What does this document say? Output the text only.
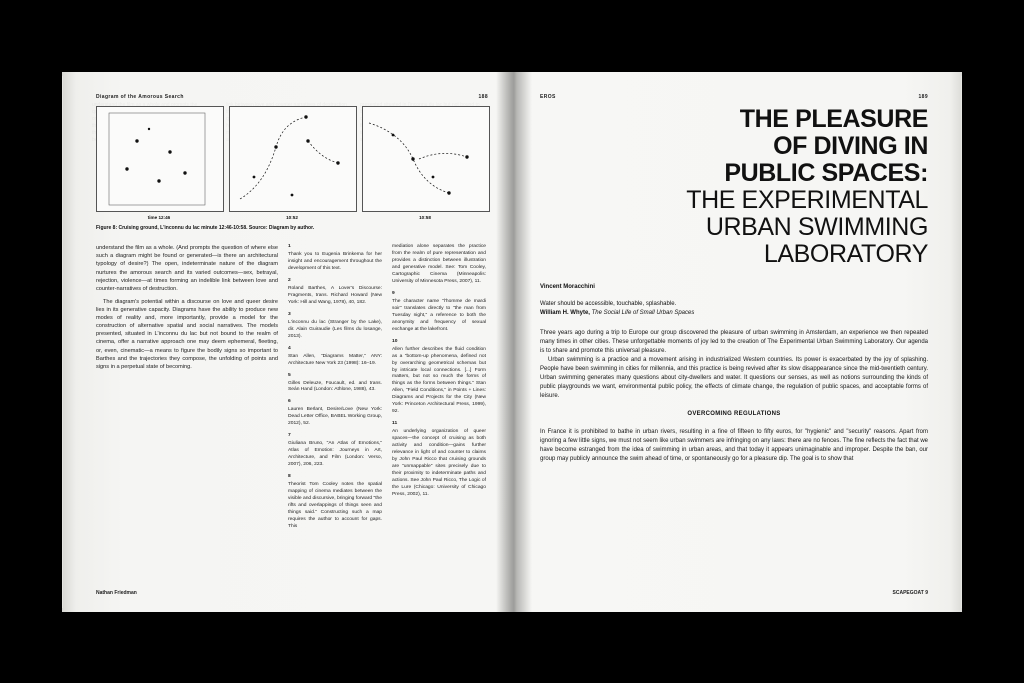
Diagram of the Amorous Search	188
time 12:46	10:52	10:58
Figure 8: Cruising ground, L'inconnu du lac minute 12:46-10:58. Source: Diagram by author.

understand the film as a whole. (And prompts the question of where else such a diagram might be found or generated—is there an architectural typology of desire?) The open, indeterminate nature of the diagram nurtures the amorous search and its varied outcomes—sex, betrayal, rejection, violence—at times forming an indelible link between love and counter-narratives of destruction.

The diagram's potential within a discourse on love and queer desire lies in its generative capacity. Diagrams have the ability to produce new modes of reality and, more importantly, provide a model for the construction of alternative spatial and social narratives. The models presented, situated in L'inconnu du lac but not bound to the realm of cinema, offer a narrative approach one may deem ephemeral, fleeting, or, even, cinematic—a means to figure the bodily signs so important to Barthes and the trajectories they compose, the unfolding of points and signs in a perpetual state of becoming.

1
Thank you to Eugenia Brinkema for her insight and encouragement throughout the development of this text.
2
Roland Barthes, A Lover's Discourse: Fragments, trans. Richard Howard (New York: Hill and Wang, 1978), 40, 182.
3
L'inconnu du lac (Stranger by the Lake), dir. Alain Guiraudie (Les films du losange, 2013).
4
Stan Allen, "Diagrams Matter," ANY: Architecture New York 23 (1998): 16–19.
5
Gilles Deleuze, Foucault, ed. and trans. Seán Hand (London: Athlone, 1988), 43.
6
Lauren Berlant, Desire/Love (New York: Dead Letter Office, BABEL Working Group, 2012), 52.
7
Giuliana Bruno, "An Atlas of Emotions," Atlas of Emotion: Journeys in Art, Architecture, and Film (London: Verso, 2007), 206, 223.
8
Theorist Tom Cooley notes the spatial mapping of cinema mediates between the visible and discursive, bringing forward "the rifts and overlappings of things seen and things said." Constructing such a map requires the author to account for gaps. This
mediation alone separates the practice from the realm of pure representation and provides a distinction between illustration and generative model. See: Tom Cooley, Cartographic Cinema (Minneapolis: University of Minnesota Press, 2007), 11.
9
The character name "l'homme de mardi soir" translates directly to "the man from Tuesday night," a reference to both the anonymity and frequency of sexual exchange at the lakefront.
10
Allen further describes the fluid condition as a "bottom-up phenomena, defined not by overarching geometrical schemas but by intricate local connections. [...] Form matters, but not so much the forms of things as the forms between things." Stan Allen, "Field Conditions," in Points + Lines: Diagrams and Projects for the City (New York: Princeton Architectural Press, 1999), 92.
11
An underlying organization of queer spaces—the concept of cruising as both activity and condition—gains further relevance in light of and counter to claims by John Paul Ricco that cruising grounds are "unmappable" sites precisely due to their proximity to indeterminate paths and actions. See John Paul Ricco, The Logic of the Lure (Chicago: University of Chicago Press, 2002), 11.
Nathan Friedman
EROS	189
THE PLEASURE
OF DIVING IN
PUBLIC SPACES:
THE EXPERIMENTAL
URBAN SWIMMING
LABORATORY
Vincent Moracchini
Water should be accessible, touchable, splashable.
William H. Whyte, The Social Life of Small Urban Spaces

Three years ago during a trip to Europe our group discovered the pleasure of urban swimming in Amsterdam, an experience we then repeated many times in other cities. These unforgettable moments of joy led to the creation of The Experimental Urban Swimming Laboratory. Our agenda is to share and promote this universal pleasure.

Urban swimming is a practice and a movement arising in industrialized Western countries. Its power is exacerbated by the joy of splashing. People have been swimming in cities for millennia, and this practice is being revived after its slow disappearance since the mid-twentieth century. Urban swimming generates many questions about city-dwellers and water. It questions our senses, as well as notions surrounding the kinds of public playgrounds we want, environmental public policy, the effects of climate change, the regulation of public spaces, and acceptable forms of leisure.

OVERCOMING REGULATIONS

In France it is prohibited to bathe in urban rivers, resulting in a fine of fifteen to fifty euros, for "hygienic" and "security" reasons. Apart from ignoring a few little signs, we must not seem like urban swimmers are infringing on any laws: there are no fences. The fine reflects the fact that we have become estranged from the idea of swimming in urban areas, and that today it appears unimaginable and improper. Despite the ban, our group may publicly announce the swim ahead of time, or spontaneously go for a pleasure dip. The goal is to show that

SCAPEGOAT 9
